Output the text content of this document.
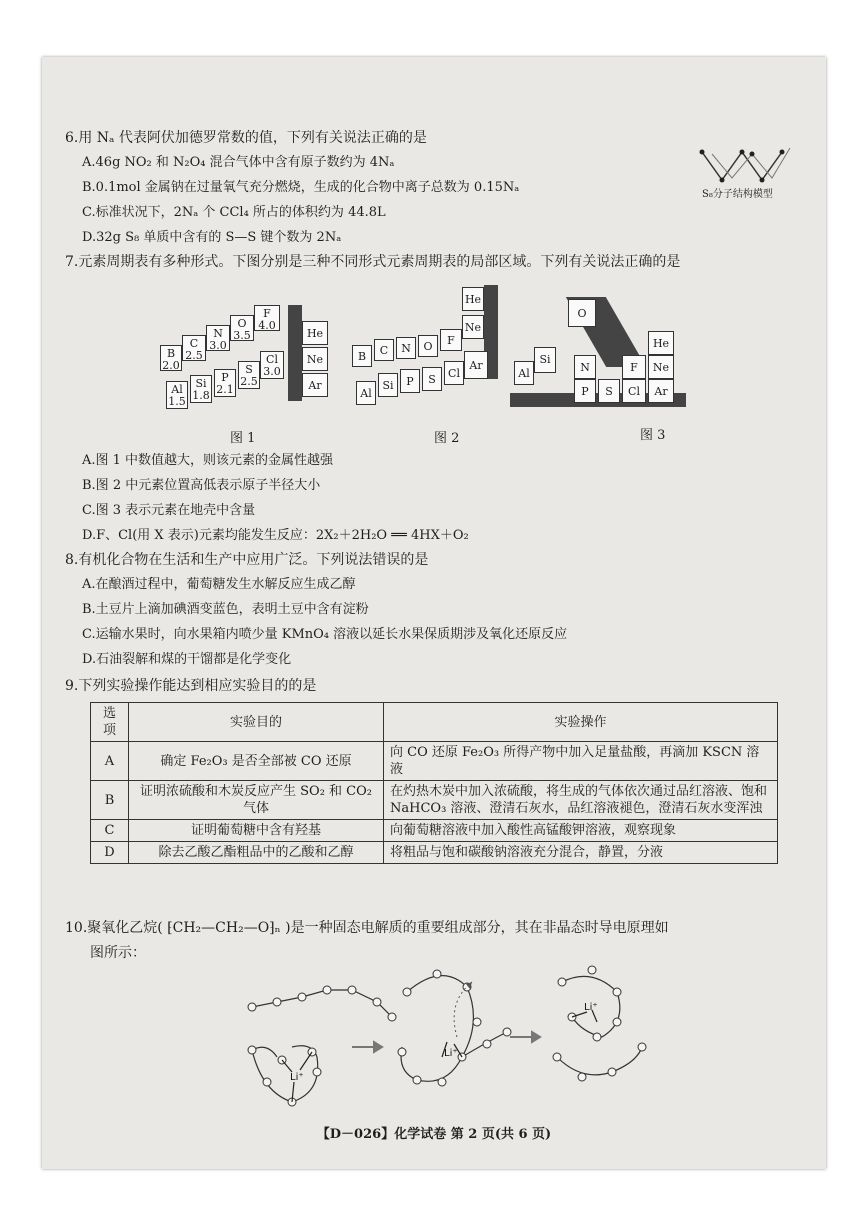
6.用 Nₐ 代表阿伏加德罗常数的值，下列有关说法正确的是
A.46g NO₂ 和 N₂O₄ 混合气体中含有原子数约为 4Nₐ
B.0.1mol 金属钠在过量氧气充分燃烧，生成的化合物中离子总数为 0.15Nₐ
C.标准状况下，2Nₐ 个 CCl₄ 所占的体积约为 44.8L
D.32g S₈ 单质中含有的 S—S 键个数为 2Nₐ
S₈分子结构模型
7.元素周期表有多种形式。下图分别是三种不同形式元素周期表的局部区域。下列有关说法正确的是
B
2.0
C
2.5
N
3.0
O
3.5
F
4.0
Al
1.5
Si
1.8
P
2.1
S
2.5
Cl
3.0
He
Ne
Ar
图 1
B	C	N	O	F
He
Ne
Al
Si	P	S	Cl
Ar
图 2
O
Al
Si
N
P	S
F
Cl
He
Ne
Ar
图 3
A.图 1 中数值越大，则该元素的金属性越强
B.图 2 中元素位置高低表示原子半径大小
C.图 3 表示元素在地壳中含量
D.F、Cl(用 X 表示)元素均能发生反应：2X₂＋2H₂O ══ 4HX＋O₂
8.有机化合物在生活和生产中应用广泛。下列说法错误的是
A.在酿酒过程中，葡萄糖发生水解反应生成乙醇
B.土豆片上滴加碘酒变蓝色，表明土豆中含有淀粉
C.运输水果时，向水果箱内喷少量 KMnO₄ 溶液以延长水果保质期涉及氧化还原反应
D.石油裂解和煤的干馏都是化学变化
9.下列实验操作能达到相应实验目的的是
选项	实验目的	实验操作
A	确定 Fe₂O₃ 是否全部被 CO 还原	向 CO 还原 Fe₂O₃ 所得产物中加入足量盐酸，再滴加 KSCN 溶液
B	证明浓硫酸和木炭反应产生 SO₂ 和 CO₂ 气体	在灼热木炭中加入浓硫酸，将生成的气体依次通过品红溶液、饱和 NaHCO₃ 溶液、澄清石灰水，品红溶液褪色，澄清石灰水变浑浊
C	证明葡萄糖中含有羟基	向葡萄糖溶液中加入酸性高锰酸钾溶液，观察现象
D	除去乙酸乙酯粗品中的乙酸和乙醇	将粗品与饱和碳酸钠溶液充分混合，静置，分液
10.聚氧化乙烷( ⁅CH₂—CH₂—O⁆ₙ )是一种固态电解质的重要组成部分，其在非晶态时导电原理如
图所示：
Li⁺
Li⁺
Li⁺
【D－026】化学试卷 第 2 页(共 6 页)
